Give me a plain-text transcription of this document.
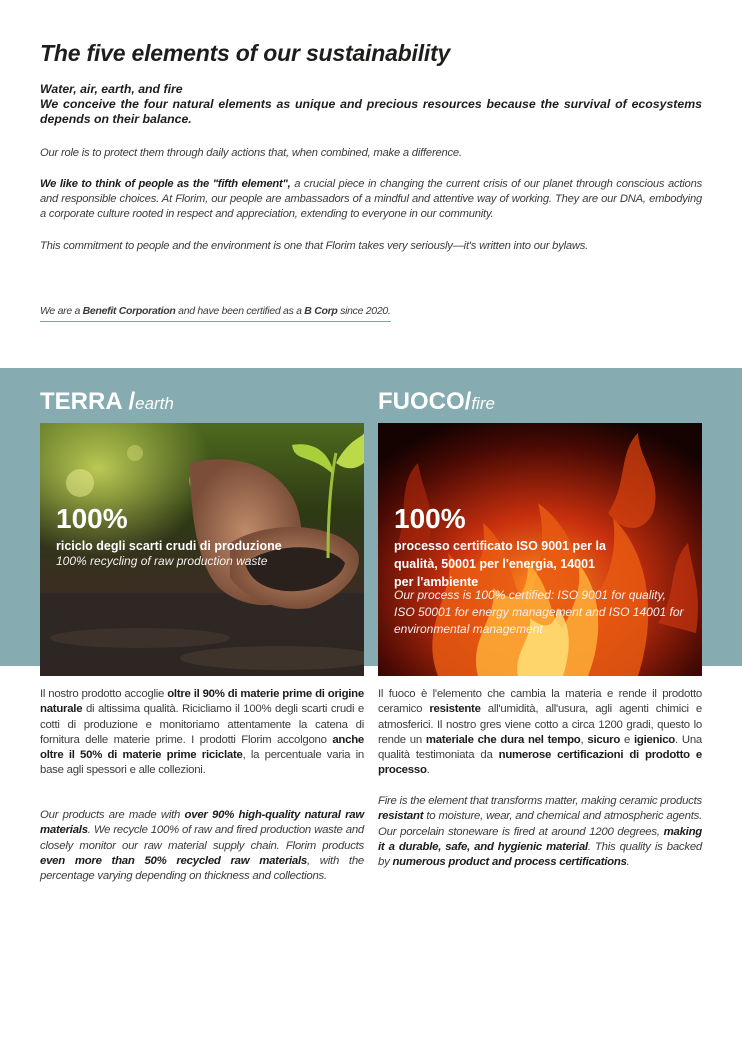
The five elements of our sustainability
Water, air, earth, and fire
We conceive the four natural elements as unique and precious resources because the survival of ecosystems depends on their balance.
Our role is to protect them through daily actions that, when combined, make a difference.
We like to think of people as the "fifth element", a crucial piece in changing the current crisis of our planet through conscious actions and responsible choices. At Florim, our people are ambassadors of a mindful and attentive way of working. They are our DNA, embodying a corporate culture rooted in respect and appreciation, extending to everyone in our community.
This commitment to people and the environment is one that Florim takes very seriously—it's written into our bylaws.
We are a Benefit Corporation and have been certified as a B Corp since 2020.
TERRA /earth
100%
riciclo degli scarti crudi di produzione
100% recycling of raw production waste
Il nostro prodotto accoglie oltre il 90% di materie prime di origine naturale di altissima qualità. Ricicliamo il 100% degli scarti crudi e cotti di produzione e monitoriamo attentamente la catena di fornitura delle materie prime. I prodotti Florim accolgono anche oltre il 50% di materie prime riciclate, la percentuale varia in base agli spessori e alle collezioni.
Our products are made with over 90% high-quality natural raw materials. We recycle 100% of raw and fired production waste and closely monitor our raw material supply chain. Florim products even more than 50% recycled raw materials, with the percentage varying depending on thickness and collections.
FUOCO/fire
100%
processo certificato ISO 9001 per la qualità, 50001 per l'energia, 14001 per l'ambiente
Our process is 100% certified: ISO 9001 for quality, ISO 50001 for energy management and ISO 14001 for environmental management
Il fuoco è l'elemento che cambia la materia e rende il prodotto ceramico resistente all'umidità, all'usura, agli agenti chimici e atmosferici. Il nostro gres viene cotto a circa 1200 gradi, questo lo rende un materiale che dura nel tempo, sicuro e igienico. Una qualità testimoniata da numerose certificazioni di prodotto e processo.
Fire is the element that transforms matter, making ceramic products resistant to moisture, wear, and chemical and atmospheric agents. Our porcelain stoneware is fired at around 1200 degrees, making it a durable, safe, and hygienic material. This quality is backed by numerous product and process certifications.
